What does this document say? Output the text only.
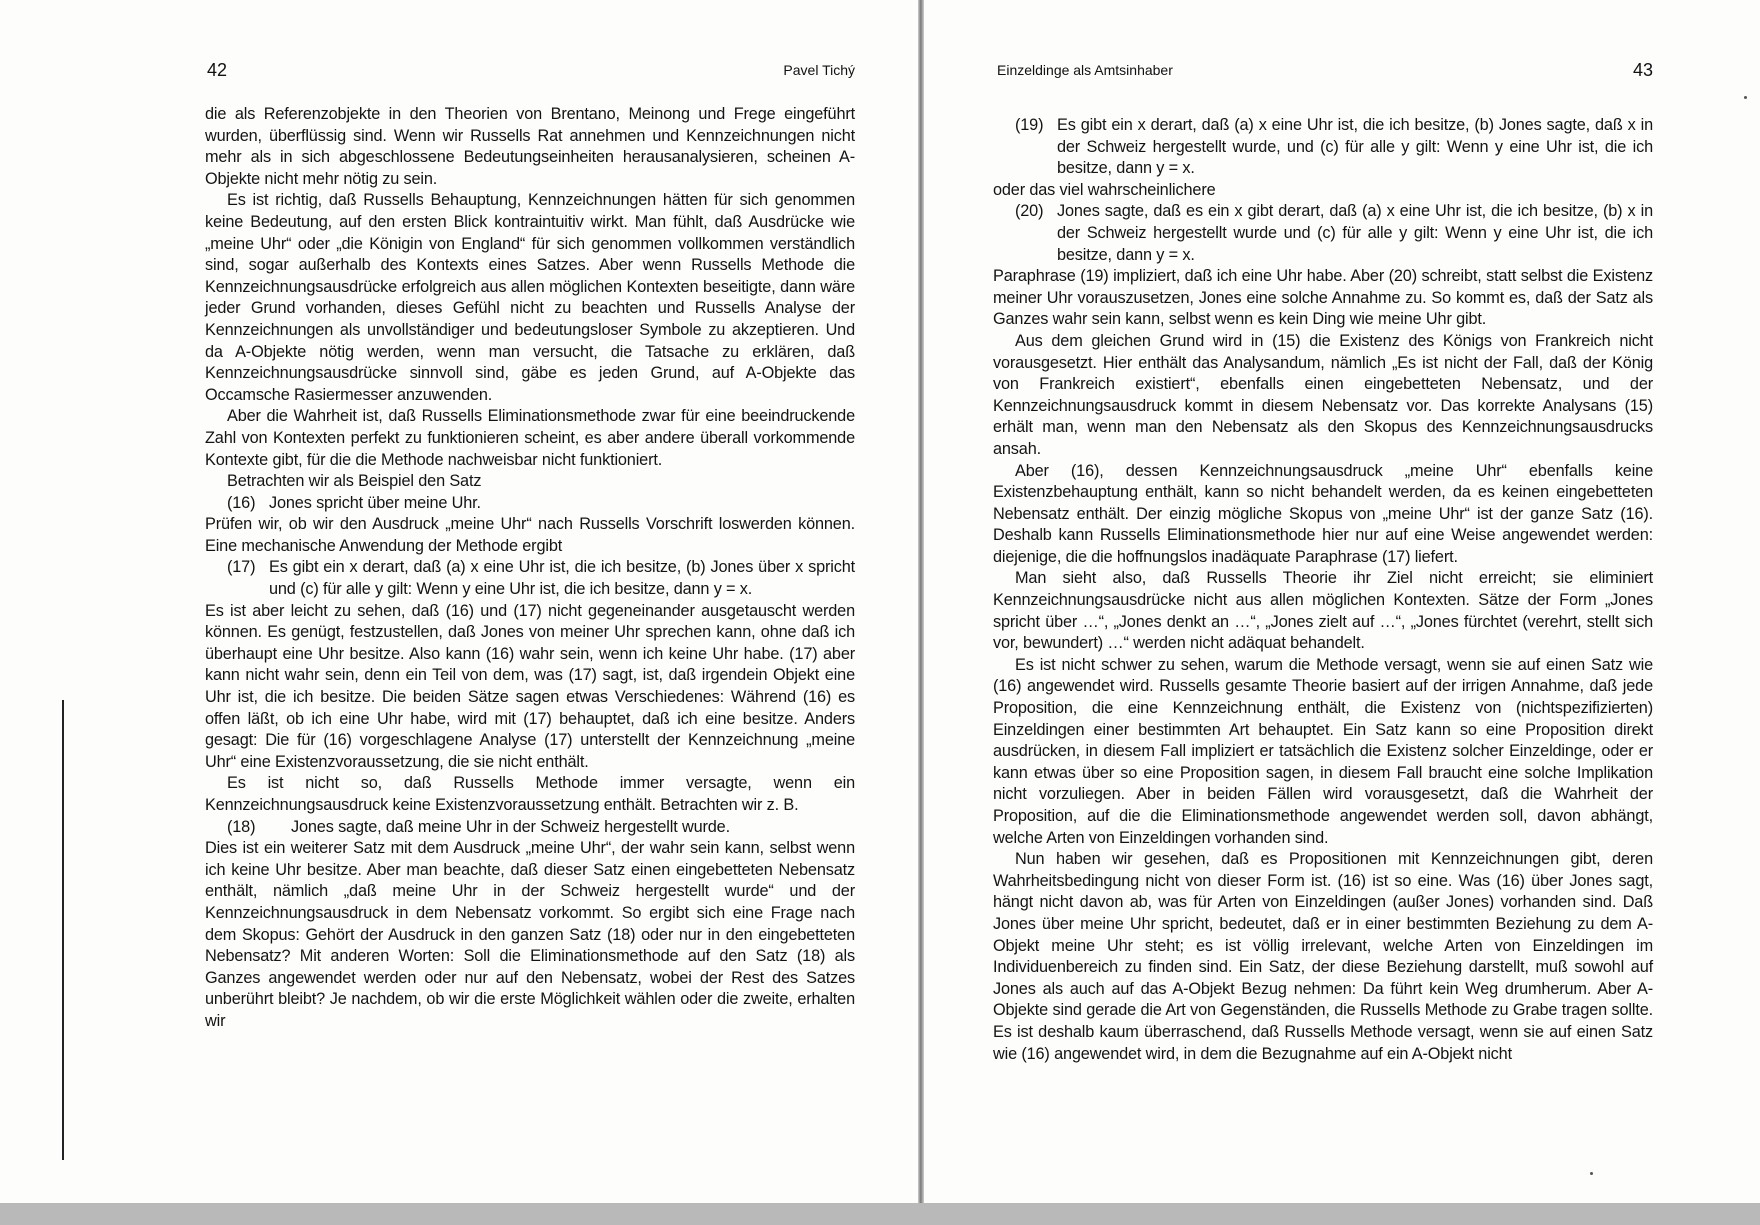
42	Pavel Tichý

die als Referenzobjekte in den Theorien von Brentano, Meinong und Frege eingeführt wurden, überflüssig sind. Wenn wir Russells Rat annehmen und Kennzeichnungen nicht mehr als in sich abgeschlossene Bedeutungseinheiten herausanalysieren, scheinen A-Objekte nicht mehr nötig zu sein.

Es ist richtig, daß Russells Behauptung, Kennzeichnungen hätten für sich genommen keine Bedeutung, auf den ersten Blick kontraintuitiv wirkt. Man fühlt, daß Ausdrücke wie „meine Uhr“ oder „die Königin von England“ für sich genommen vollkommen verständlich sind, sogar außerhalb des Kontexts eines Satzes. Aber wenn Russells Methode die Kennzeichnungsausdrücke erfolgreich aus allen möglichen Kontexten beseitigte, dann wäre jeder Grund vorhanden, dieses Gefühl nicht zu beachten und Russells Analyse der Kennzeichnungen als unvollständiger und bedeutungsloser Symbole zu akzeptieren. Und da A-Objekte nötig werden, wenn man versucht, die Tatsache zu erklären, daß Kennzeichnungsausdrücke sinnvoll sind, gäbe es jeden Grund, auf A-Objekte das Occamsche Rasiermesser anzuwenden.

Aber die Wahrheit ist, daß Russells Eliminationsmethode zwar für eine beeindruckende Zahl von Kontexten perfekt zu funktionieren scheint, es aber andere überall vorkommende Kontexte gibt, für die die Methode nachweisbar nicht funktioniert.

Betrachten wir als Beispiel den Satz

(16) Jones spricht über meine Uhr.

Prüfen wir, ob wir den Ausdruck „meine Uhr“ nach Russells Vorschrift loswerden können. Eine mechanische Anwendung der Methode ergibt

(17) Es gibt ein x derart, daß (a) x eine Uhr ist, die ich besitze, (b) Jones über x spricht und (c) für alle y gilt: Wenn y eine Uhr ist, die ich besitze, dann y = x.

Es ist aber leicht zu sehen, daß (16) und (17) nicht gegeneinander ausgetauscht werden können. Es genügt, festzustellen, daß Jones von meiner Uhr sprechen kann, ohne daß ich überhaupt eine Uhr besitze. Also kann (16) wahr sein, wenn ich keine Uhr habe. (17) aber kann nicht wahr sein, denn ein Teil von dem, was (17) sagt, ist, daß irgendein Objekt eine Uhr ist, die ich besitze. Die beiden Sätze sagen etwas Verschiedenes: Während (16) es offen läßt, ob ich eine Uhr habe, wird mit (17) behauptet, daß ich eine besitze. Anders gesagt: Die für (16) vorgeschlagene Analyse (17) unterstellt der Kennzeichnung „meine Uhr“ eine Existenzvoraussetzung, die sie nicht enthält.

Es ist nicht so, daß Russells Methode immer versagte, wenn ein Kennzeichnungsausdruck keine Existenzvoraussetzung enthält. Betrachten wir z. B.

(18)	Jones sagte, daß meine Uhr in der Schweiz hergestellt wurde.

Dies ist ein weiterer Satz mit dem Ausdruck „meine Uhr“, der wahr sein kann, selbst wenn ich keine Uhr besitze. Aber man beachte, daß dieser Satz einen eingebetteten Nebensatz enthält, nämlich „daß meine Uhr in der Schweiz hergestellt wurde“ und der Kennzeichnungsausdruck in dem Nebensatz vorkommt. So ergibt sich eine Frage nach dem Skopus: Gehört der Ausdruck in den ganzen Satz (18) oder nur in den eingebetteten Nebensatz? Mit anderen Worten: Soll die Eliminationsmethode auf den Satz (18) als Ganzes angewendet werden oder nur auf den Nebensatz, wobei der Rest des Satzes unberührt bleibt? Je nachdem, ob wir die erste Möglichkeit wählen oder die zweite, erhalten wir

Einzeldinge als Amtsinhaber	43
(19) Es gibt ein x derart, daß (a) x eine Uhr ist, die ich besitze, (b) Jones sagte, daß x in der Schweiz hergestellt wurde, und (c) für alle y gilt: Wenn y eine Uhr ist, die ich besitze, dann y = x.

oder das viel wahrscheinlichere

(20) Jones sagte, daß es ein x gibt derart, daß (a) x eine Uhr ist, die ich besitze, (b) x in der Schweiz hergestellt wurde und (c) für alle y gilt: Wenn y eine Uhr ist, die ich besitze, dann y = x.

Paraphrase (19) impliziert, daß ich eine Uhr habe. Aber (20) schreibt, statt selbst die Existenz meiner Uhr vorauszusetzen, Jones eine solche Annahme zu. So kommt es, daß der Satz als Ganzes wahr sein kann, selbst wenn es kein Ding wie meine Uhr gibt.

Aus dem gleichen Grund wird in (15) die Existenz des Königs von Frankreich nicht vorausgesetzt. Hier enthält das Analysandum, nämlich „Es ist nicht der Fall, daß der König von Frankreich existiert“, ebenfalls einen eingebetteten Nebensatz, und der Kennzeichnungsausdruck kommt in diesem Nebensatz vor. Das korrekte Analysans (15) erhält man, wenn man den Nebensatz als den Skopus des Kennzeichnungsausdrucks ansah.

Aber (16), dessen Kennzeichnungsausdruck „meine Uhr“ ebenfalls keine Existenzbehauptung enthält, kann so nicht behandelt werden, da es keinen eingebetteten Nebensatz enthält. Der einzig mögliche Skopus von „meine Uhr“ ist der ganze Satz (16). Deshalb kann Russells Eliminationsmethode hier nur auf eine Weise angewendet werden: diejenige, die die hoffnungslos inadäquate Paraphrase (17) liefert.

Man sieht also, daß Russells Theorie ihr Ziel nicht erreicht; sie eliminiert Kennzeichnungsausdrücke nicht aus allen möglichen Kontexten. Sätze der Form „Jones spricht über …“, „Jones denkt an …“, „Jones zielt auf …“, „Jones fürchtet (verehrt, stellt sich vor, bewundert) …“ werden nicht adäquat behandelt.

Es ist nicht schwer zu sehen, warum die Methode versagt, wenn sie auf einen Satz wie (16) angewendet wird. Russells gesamte Theorie basiert auf der irrigen Annahme, daß jede Proposition, die eine Kennzeichnung enthält, die Existenz von (nichtspezifizierten) Einzeldingen einer bestimmten Art behauptet. Ein Satz kann so eine Proposition direkt ausdrücken, in diesem Fall impliziert er tatsächlich die Existenz solcher Einzeldinge, oder er kann etwas über so eine Proposition sagen, in diesem Fall braucht eine solche Implikation nicht vorzuliegen. Aber in beiden Fällen wird vorausgesetzt, daß die Wahrheit der Proposition, auf die die Eliminationsmethode angewendet werden soll, davon abhängt, welche Arten von Einzeldingen vorhanden sind.

Nun haben wir gesehen, daß es Propositionen mit Kennzeichnungen gibt, deren Wahrheitsbedingung nicht von dieser Form ist. (16) ist so eine. Was (16) über Jones sagt, hängt nicht davon ab, was für Arten von Einzeldingen (außer Jones) vorhanden sind. Daß Jones über meine Uhr spricht, bedeutet, daß er in einer bestimmten Beziehung zu dem A-Objekt meine Uhr steht; es ist völlig irrelevant, welche Arten von Einzeldingen im Individuenbereich zu finden sind. Ein Satz, der diese Beziehung darstellt, muß sowohl auf Jones als auch auf das A-Objekt Bezug nehmen: Da führt kein Weg drumherum. Aber A-Objekte sind gerade die Art von Gegenständen, die Russells Methode zu Grabe tragen sollte. Es ist deshalb kaum überraschend, daß Russells Methode versagt, wenn sie auf einen Satz wie (16) angewendet wird, in dem die Bezugnahme auf ein A-Objekt nicht
